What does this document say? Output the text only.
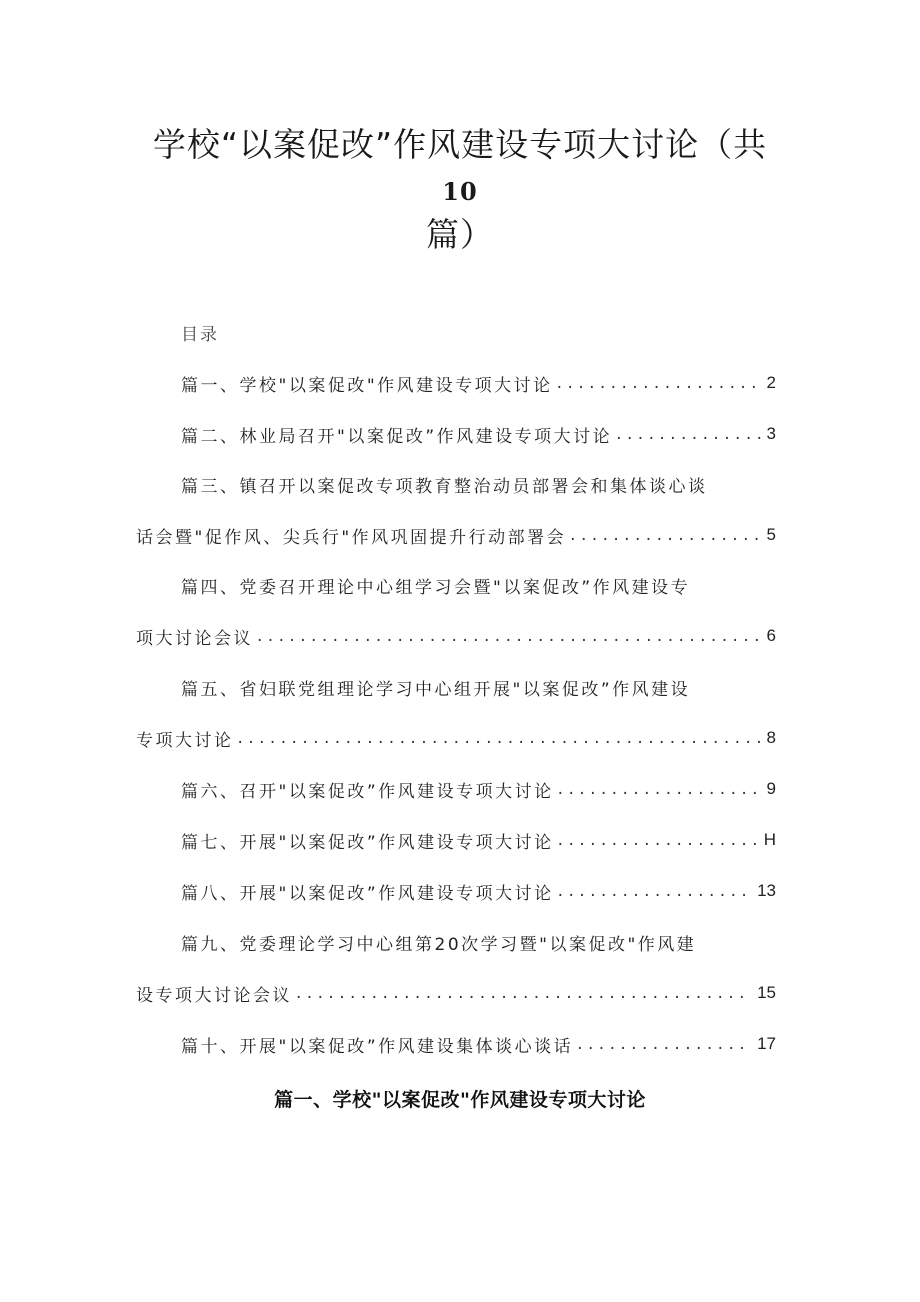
学校“以案促改”作风建设专项大讨论（共
10
篇）
目录
篇一、学校"以案促改"作风建设专项大讨论 . . .	2
篇二、林业局召开"以案促改”作风建设专项大讨论 . . .	3
篇三、镇召开以案促改专项教育整治动员部署会和集体谈心谈
话会暨"促作风、尖兵行"作风巩固提升行动部署会 . . .	5
篇四、党委召开理论中心组学习会暨"以案促改”作风建设专
项大讨论会议 . . .	6
篇五、省妇联党组理论学习中心组开展"以案促改”作风建设
专项大讨论 . . .	8
篇六、召开"以案促改”作风建设专项大讨论 . . .	9
篇七、开展"以案促改”作风建设专项大讨论 . . .	H
篇八、开展"以案促改”作风建设专项大讨论 . . .	13
篇九、党委理论学习中心组第20次学习暨"以案促改"作风建
设专项大讨论会议 . . .	15
篇十、开展"以案促改”作风建设集体谈心谈话 . . .	17
篇一、学校"以案促改"作风建设专项大讨论
